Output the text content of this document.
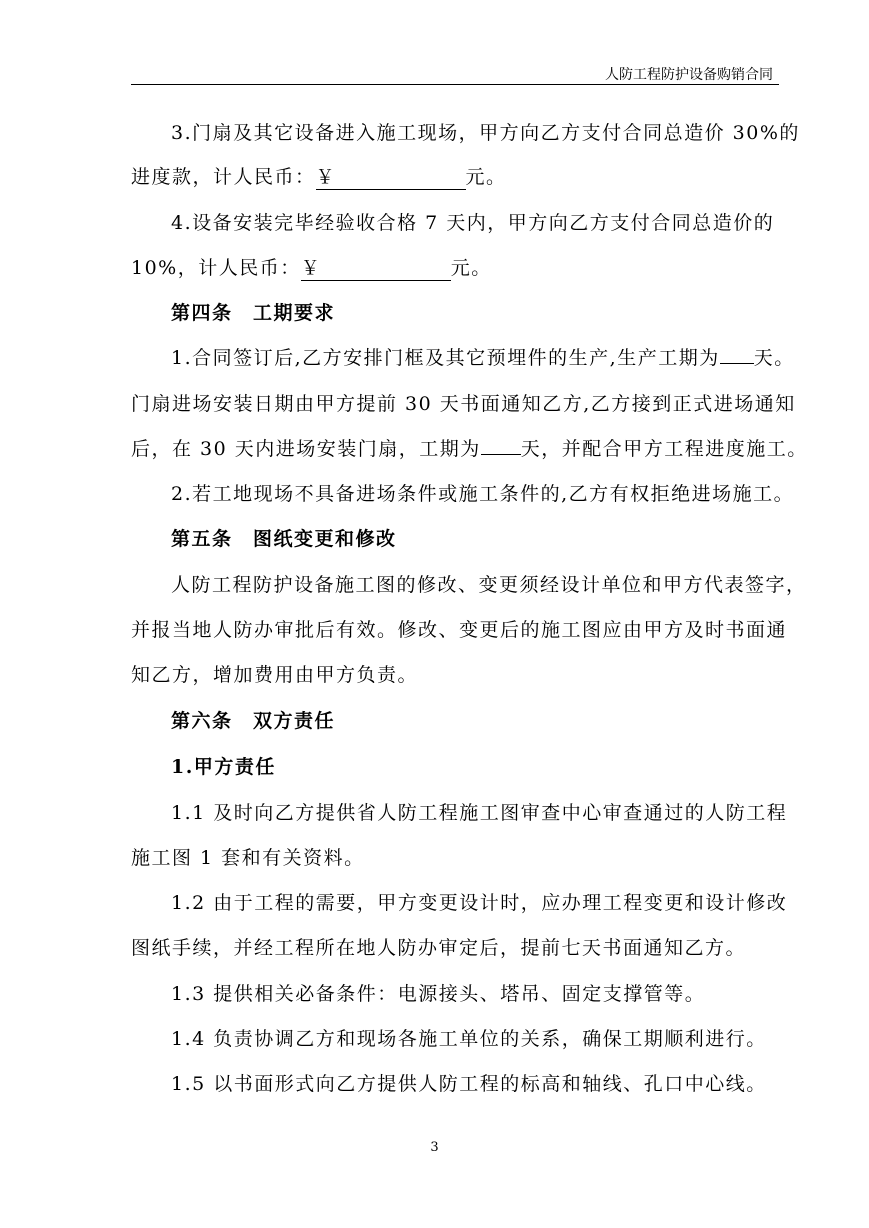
人防工程防护设备购销合同
3.门扇及其它设备进入施工现场，甲方向乙方支付合同总造价 30%的
进度款，计人民币：￥	元。
4.设备安装完毕经验收合格 7 天内，甲方向乙方支付合同总造价的
10%，计人民币：￥	元。
第四条　工期要求
1.合同签订后,乙方安排门框及其它预埋件的生产,生产工期为 天。
门扇进场安装日期由甲方提前 30 天书面通知乙方,乙方接到正式进场通知
后，在 30 天内进场安装门扇，工期为 天，并配合甲方工程进度施工。
2.若工地现场不具备进场条件或施工条件的,乙方有权拒绝进场施工。
第五条　图纸变更和修改
人防工程防护设备施工图的修改、变更须经设计单位和甲方代表签字，
并报当地人防办审批后有效。修改、变更后的施工图应由甲方及时书面通
知乙方，增加费用由甲方负责。
第六条　双方责任
1.甲方责任
1.1 及时向乙方提供省人防工程施工图审查中心审查通过的人防工程
施工图 1 套和有关资料。
1.2 由于工程的需要，甲方变更设计时，应办理工程变更和设计修改
图纸手续，并经工程所在地人防办审定后，提前七天书面通知乙方。
1.3 提供相关必备条件：电源接头、塔吊、固定支撑管等。
1.4 负责协调乙方和现场各施工单位的关系，确保工期顺利进行。
1.5 以书面形式向乙方提供人防工程的标高和轴线、孔口中心线。
3
